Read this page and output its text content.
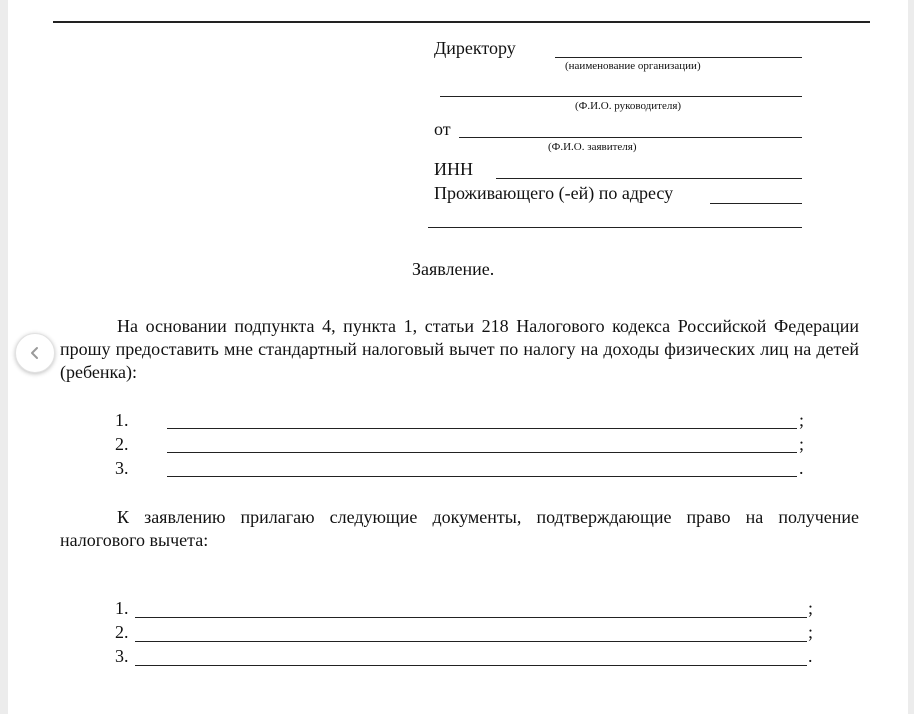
Директору
(наименование организации)
(Ф.И.О. руководителя)
от
(Ф.И.О. заявителя)
ИНН
Проживающего (-ей) по адресу
Заявление.
На основании подпункта 4, пункта 1, статьи 218 Налогового кодекса Российской Федерации прошу предоставить мне стандартный налоговый вычет по налогу на доходы физических лиц на детей (ребенка):
1.	;
2.	;
3.	.
К заявлению прилагаю следующие документы, подтверждающие право на получение налогового вычета:
1.	;
2.	;
3.	.
